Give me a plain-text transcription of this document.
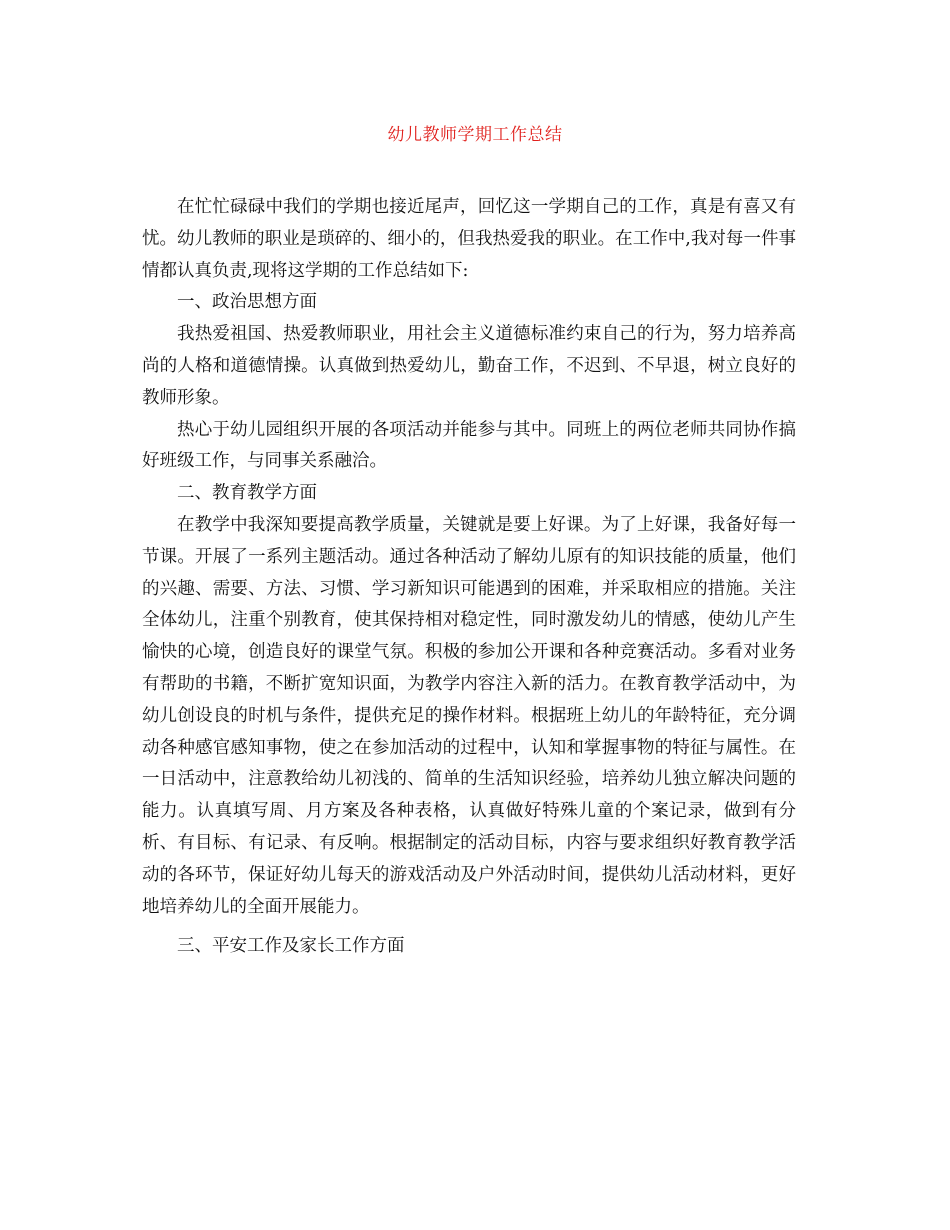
幼儿教师学期工作总结

在忙忙碌碌中我们的学期也接近尾声，回忆这一学期自己的工作，真是有喜又有忧。幼儿教师的职业是琐碎的、细小的，但我热爱我的职业。在工作中,我对每一件事情都认真负责,现将这学期的工作总结如下:

一、政治思想方面

我热爱祖国、热爱教师职业，用社会主义道德标准约束自己的行为，努力培养高尚的人格和道德情操。认真做到热爱幼儿，勤奋工作，不迟到、不早退，树立良好的教师形象。

热心于幼儿园组织开展的各项活动并能参与其中。同班上的两位老师共同协作搞好班级工作，与同事关系融洽。

二、教育教学方面

在教学中我深知要提高教学质量，关键就是要上好课。为了上好课，我备好每一节课。开展了一系列主题活动。通过各种活动了解幼儿原有的知识技能的质量，他们的兴趣、需要、方法、习惯、学习新知识可能遇到的困难，并采取相应的措施。关注全体幼儿，注重个别教育，使其保持相对稳定性，同时激发幼儿的情感，使幼儿产生愉快的心境，创造良好的课堂气氛。积极的参加公开课和各种竞赛活动。多看对业务有帮助的书籍，不断扩宽知识面，为教学内容注入新的活力。在教育教学活动中，为幼儿创设良的时机与条件，提供充足的操作材料。根据班上幼儿的年龄特征，充分调动各种感官感知事物，使之在参加活动的过程中，认知和掌握事物的特征与属性。在一日活动中，注意教给幼儿初浅的、简单的生活知识经验，培养幼儿独立解决问题的能力。认真填写周、月方案及各种表格，认真做好特殊儿童的个案记录，做到有分析、有目标、有记录、有反响。根据制定的活动目标，内容与要求组织好教育教学活动的各环节，保证好幼儿每天的游戏活动及户外活动时间，提供幼儿活动材料，更好地培养幼儿的全面开展能力。

三、平安工作及家长工作方面
